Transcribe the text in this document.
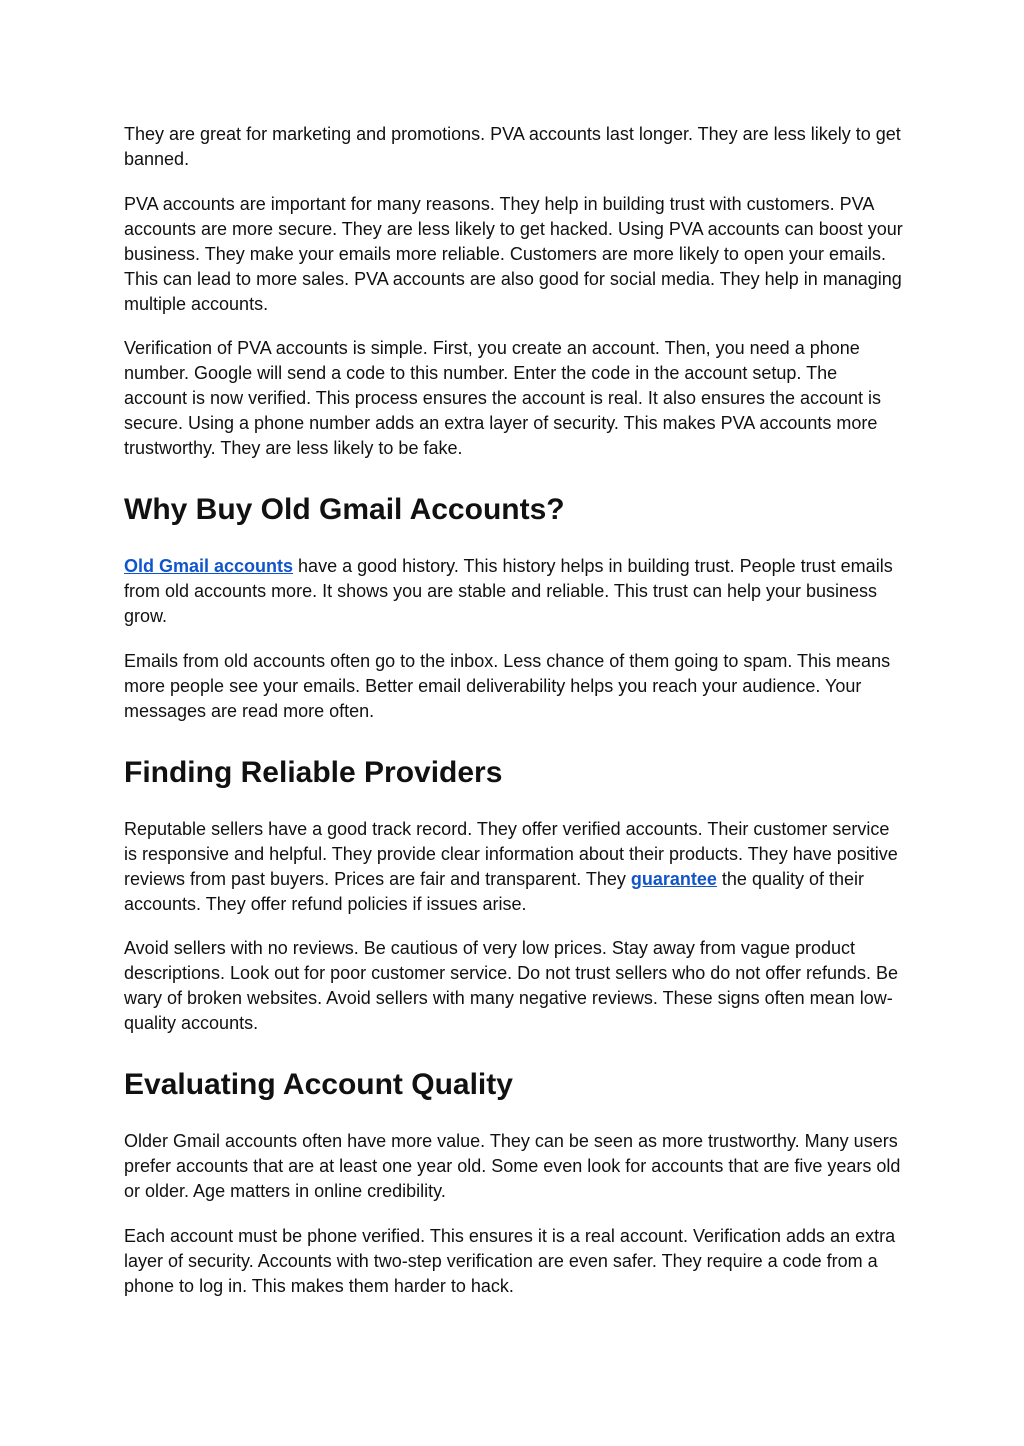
They are great for marketing and promotions. PVA accounts last longer. They are less likely to get banned.

PVA accounts are important for many reasons. They help in building trust with customers. PVA accounts are more secure. They are less likely to get hacked. Using PVA accounts can boost your business. They make your emails more reliable. Customers are more likely to open your emails. This can lead to more sales. PVA accounts are also good for social media. They help in managing multiple accounts.

Verification of PVA accounts is simple. First, you create an account. Then, you need a phone number. Google will send a code to this number. Enter the code in the account setup. The account is now verified. This process ensures the account is real. It also ensures the account is secure. Using a phone number adds an extra layer of security. This makes PVA accounts more trustworthy. They are less likely to be fake.

Why Buy Old Gmail Accounts?

Old Gmail accounts have a good history. This history helps in building trust. People trust emails from old accounts more. It shows you are stable and reliable. This trust can help your business grow.

Emails from old accounts often go to the inbox. Less chance of them going to spam. This means more people see your emails. Better email deliverability helps you reach your audience. Your messages are read more often.

Finding Reliable Providers

Reputable sellers have a good track record. They offer verified accounts. Their customer service is responsive and helpful. They provide clear information about their products. They have positive reviews from past buyers. Prices are fair and transparent. They guarantee the quality of their accounts. They offer refund policies if issues arise.

Avoid sellers with no reviews. Be cautious of very low prices. Stay away from vague product descriptions. Look out for poor customer service. Do not trust sellers who do not offer refunds. Be wary of broken websites. Avoid sellers with many negative reviews. These signs often mean low-quality accounts.

Evaluating Account Quality

Older Gmail accounts often have more value. They can be seen as more trustworthy. Many users prefer accounts that are at least one year old. Some even look for accounts that are five years old or older. Age matters in online credibility.

Each account must be phone verified. This ensures it is a real account. Verification adds an extra layer of security. Accounts with two-step verification are even safer. They require a code from a phone to log in. This makes them harder to hack.
